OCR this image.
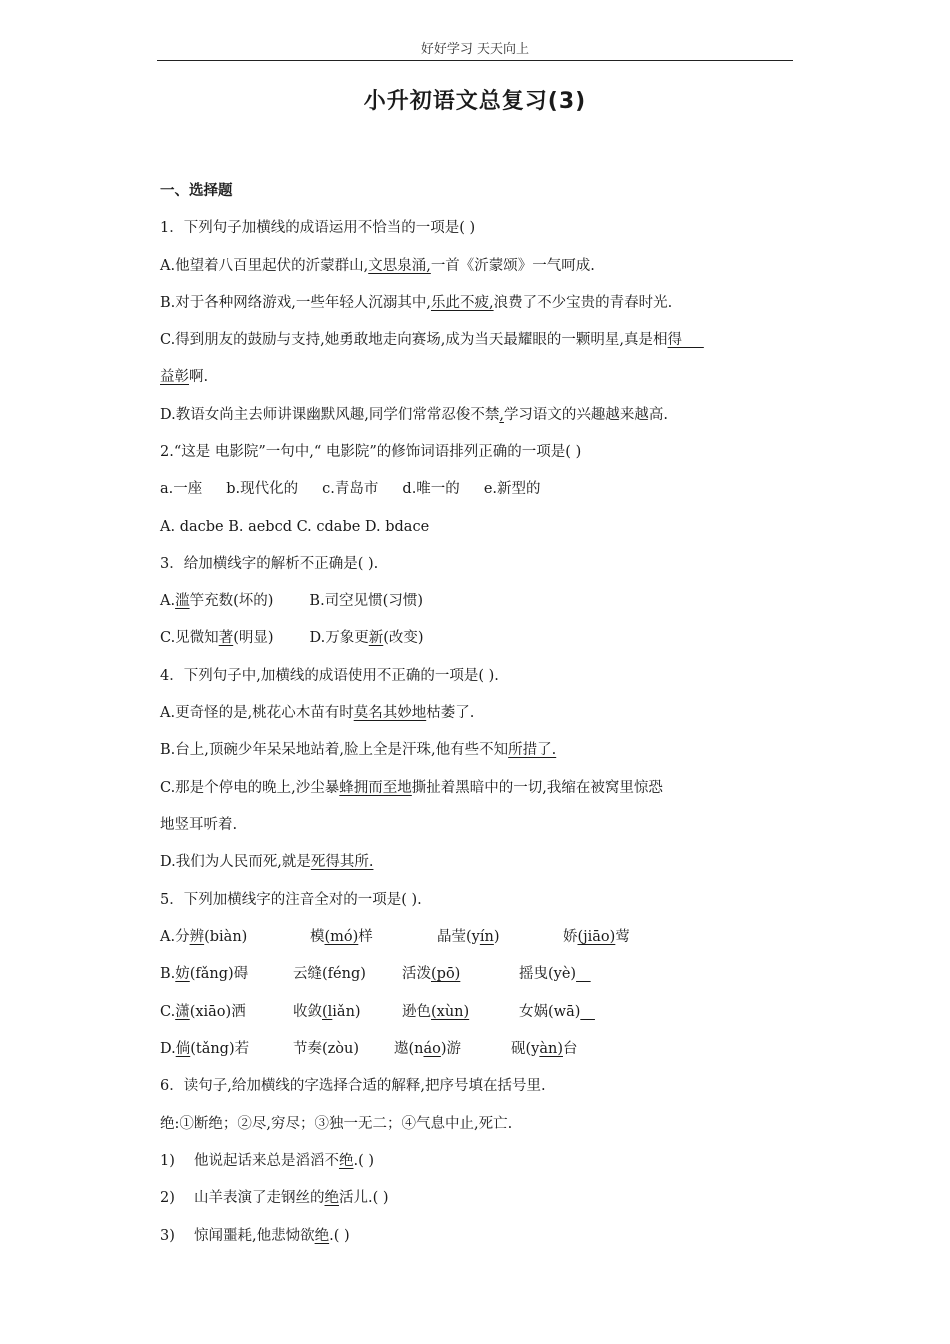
好好学习 天天向上
小升初语文总复习(3)
一、选择题
1．下列句子加横线的成语运用不恰当的一项是( )
A.他望着八百里起伏的沂蒙群山,文思泉涌,一首《沂蒙颂》一气呵成.
B.对于各种网络游戏,一些年轻人沉溺其中,乐此不疲,浪费了不少宝贵的青春时光.
C.得到朋友的鼓励与支持,她勇敢地走向赛场,成为当天最耀眼的一颗明星,真是相得___
益彰啊.
D.教语女尚主去师讲课幽默风趣,同学们常常忍俊不禁,学习语文的兴趣越来越高.
2.“这是 电影院”一句中,“ 电影院”的修饰词语排列正确的一项是( )
a.一座 b.现代化的 c.青岛市 d.唯一的 e.新型的
A. dacbe B. aebcd C. cdabe D. bdace
3．给加横线字的解析不正确是( ).
A.滥竽充数(坏的) B.司空见惯(习惯)
C.见微知著(明显) D.万象更新(改变)
4．下列句子中,加横线的成语使用不正确的一项是( ).
A.更奇怪的是,桃花心木苗有时莫名其妙地枯萎了.
B.台上,顶碗少年呆呆地站着,脸上全是汗珠,他有些不知所措了.
C.那是个停电的晚上,沙尘暴蜂拥而至地撕扯着黑暗中的一切,我缩在被窝里惊恐
地竖耳听着.
D.我们为人民而死,就是死得其所.
5．下列加横线字的注音全对的一项是( ).
A.分辨(biàn)	模(mó)样	晶莹(yín)	娇(jiāo)莺
B.妨(fǎng)碍	云缝(féng) 活泼(pō)	摇曳(yè)__
C.潇(xiāo)洒	收敛(liǎn)	逊色(xùn)	女娲(wā)__
D.倘(tǎng)若	节奏(zòu) 遨(náo)游	砚(yàn)台
6．读句子,给加横线的字选择合适的解释,把序号填在括号里.
绝:①断绝；②尽,穷尽；③独一无二；④气息中止,死亡.
1) 他说起话来总是滔滔不绝.( )
2) 山羊表演了走钢丝的绝活儿.( )
3) 惊闻噩耗,他悲恸欲绝.( )
